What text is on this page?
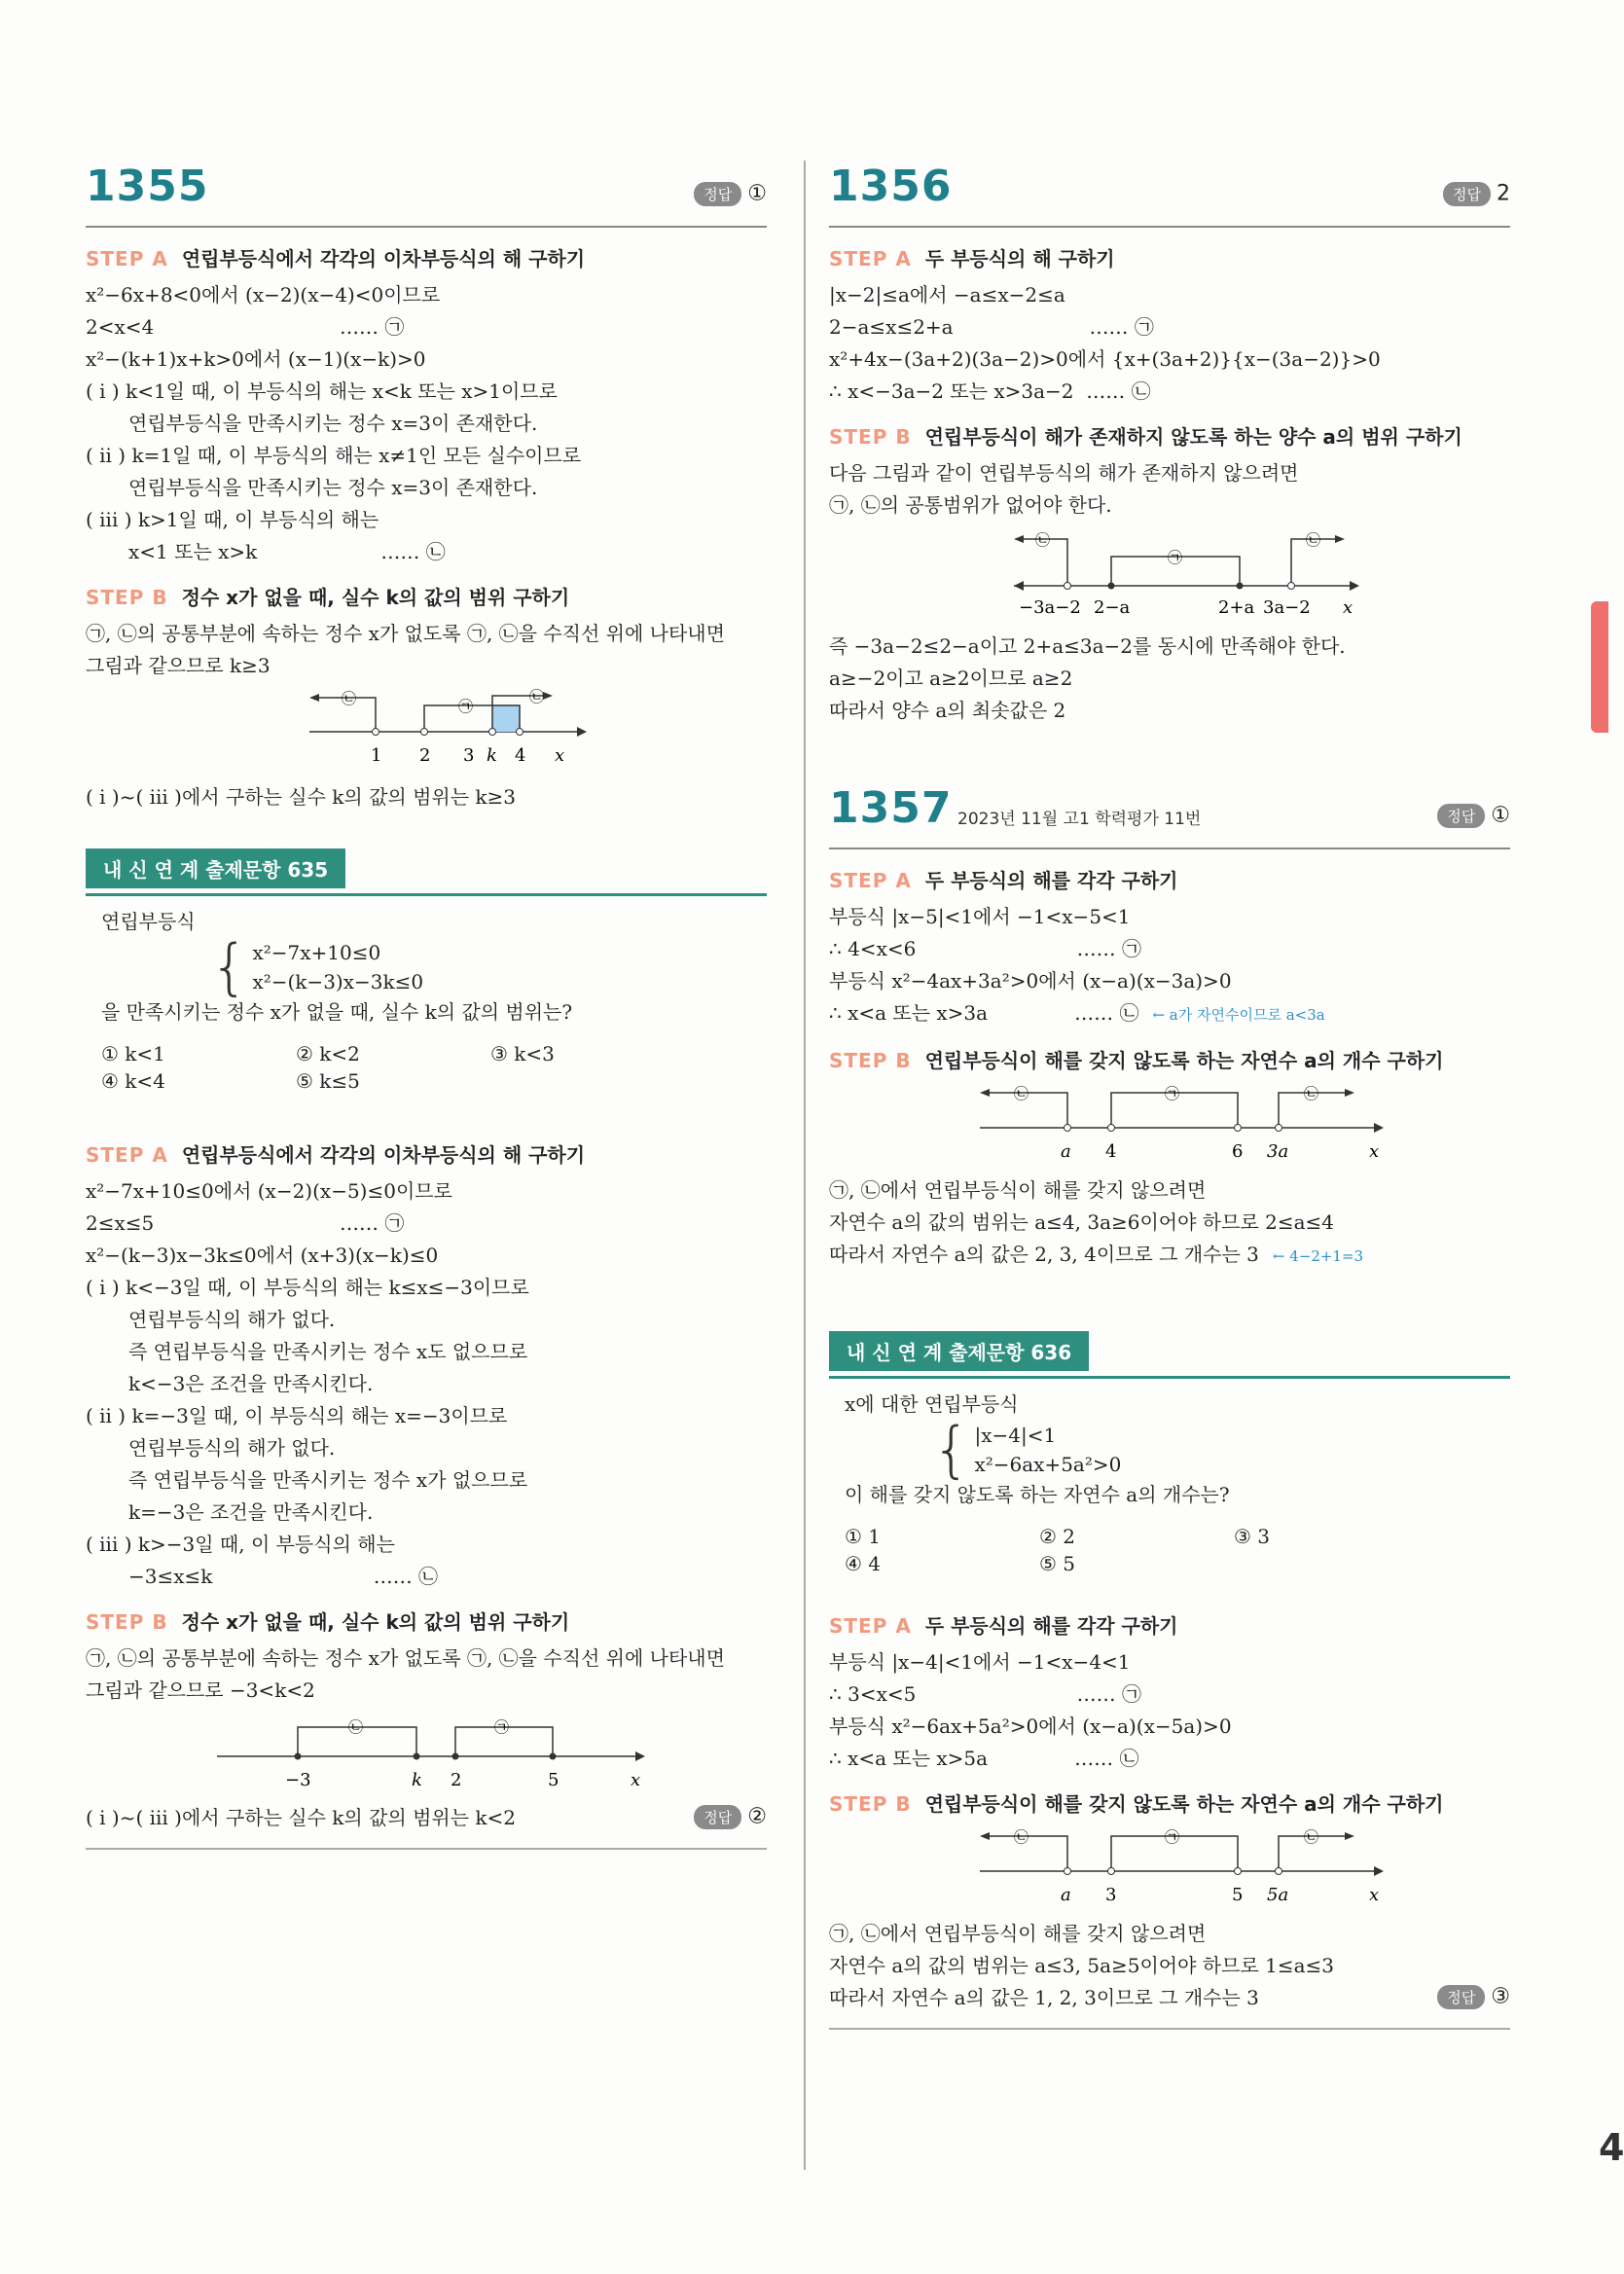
4
1355	정답 ①
STEP A 연립부등식에서 각각의 이차부등식의 해 구하기
x²−6x+8<0에서 (x−2)(x−4)<0이므로
2<x<4                              …… ㉠
x²−(k+1)x+k>0에서 (x−1)(x−k)>0
( i ) k<1일 때, 이 부등식의 해는 x<k 또는 x>1이므로
연립부등식을 만족시키는 정수 x=3이 존재한다.
( ii ) k=1일 때, 이 부등식의 해는 x≠1인 모든 실수이므로
연립부등식을 만족시키는 정수 x=3이 존재한다.
( iii ) k>1일 때, 이 부등식의 해는
x<1 또는 x>k                    …… ㉡
STEP B 정수 x가 없을 때, 실수 k의 값의 범위 구하기
㉠, ㉡의 공통부분에 속하는 정수 x가 없도록 ㉠, ㉡을 수직선 위에 나타내면
그림과 같으므로 k≥3
㉡	㉠
㉡
1 2 3 k 4 x
( i )~( iii )에서 구하는 실수 k의 값의 범위는 k≥3
내 신 연 계 출제문항 635
연립부등식
{ x²−7x+10≤0
x²−(k−3)x−3k≤0
을 만족시키는 정수 x가 없을 때, 실수 k의 값의 범위는?
① k<1	② k<2	③ k<3
④ k<4	⑤ k≤5
STEP A 연립부등식에서 각각의 이차부등식의 해 구하기
x²−7x+10≤0에서 (x−2)(x−5)≤0이므로
2≤x≤5                              …… ㉠
x²−(k−3)x−3k≤0에서 (x+3)(x−k)≤0
( i ) k<−3일 때, 이 부등식의 해는 k≤x≤−3이므로
연립부등식의 해가 없다.
즉 연립부등식을 만족시키는 정수 x도 없으므로
k<−3은 조건을 만족시킨다.
( ii ) k=−3일 때, 이 부등식의 해는 x=−3이므로
연립부등식의 해가 없다.
즉 연립부등식을 만족시키는 정수 x가 없으므로
k=−3은 조건을 만족시킨다.
( iii ) k>−3일 때, 이 부등식의 해는
−3≤x≤k                          …… ㉡
STEP B 정수 x가 없을 때, 실수 k의 값의 범위 구하기
㉠, ㉡의 공통부분에 속하는 정수 x가 없도록 ㉠, ㉡을 수직선 위에 나타내면
그림과 같으므로 −3<k<2
㉡	㉠
−3	k 2	5	x
( i )~( iii )에서 구하는 실수 k의 값의 범위는 k<2	정답 ②
1356	정답 2
STEP A 두 부등식의 해 구하기
|x−2|≤a에서 −a≤x−2≤a
2−a≤x≤2+a                      …… ㉠
x²+4x−(3a+2)(3a−2)>0에서 {x+(3a+2)}{x−(3a−2)}>0
∴ x<−3a−2 또는 x>3a−2  …… ㉡
STEP B 연립부등식이 해가 존재하지 않도록 하는 양수 a의 범위 구하기
다음 그림과 같이 연립부등식의 해가 존재하지 않으려면
㉠, ㉡의 공통범위가 없어야 한다.
㉡
㉠
㉡
−3a−2 2−a	2+a 3a−2 x
즉 −3a−2≤2−a이고 2+a≤3a−2를 동시에 만족해야 한다.
a≥−2이고 a≥2이므로 a≥2
따라서 양수 a의 최솟값은 2
1357 2023년 11월 고1 학력평가 11번	정답 ①
STEP A 두 부등식의 해를 각각 구하기
부등식 |x−5|<1에서 −1<x−5<1
∴ 4<x<6                          …… ㉠
부등식 x²−4ax+3a²>0에서 (x−a)(x−3a)>0
∴ x<a 또는 x>3a              …… ㉡ ← a가 자연수이므로 a<3a
STEP B 연립부등식이 해를 갖지 않도록 하는 자연수 a의 개수 구하기
㉡	㉠	㉡
a 4	6 3a	x
㉠, ㉡에서 연립부등식이 해를 갖지 않으려면
자연수 a의 값의 범위는 a≤4, 3a≥6이어야 하므로 2≤a≤4
따라서 자연수 a의 값은 2, 3, 4이므로 그 개수는 3 ← 4−2+1=3
내 신 연 계 출제문항 636
x에 대한 연립부등식
{ |x−4|<1
x²−6ax+5a²>0
이 해를 갖지 않도록 하는 자연수 a의 개수는?
① 1	② 2	③ 3
④ 4	⑤ 5
STEP A 두 부등식의 해를 각각 구하기
부등식 |x−4|<1에서 −1<x−4<1
∴ 3<x<5                          …… ㉠
부등식 x²−6ax+5a²>0에서 (x−a)(x−5a)>0
∴ x<a 또는 x>5a              …… ㉡
STEP B 연립부등식이 해를 갖지 않도록 하는 자연수 a의 개수 구하기
㉡	㉠	㉡
a 3	5 5a	x
㉠, ㉡에서 연립부등식이 해를 갖지 않으려면
자연수 a의 값의 범위는 a≤3, 5a≥5이어야 하므로 1≤a≤3
따라서 자연수 a의 값은 1, 2, 3이므로 그 개수는 3	정답 ③
